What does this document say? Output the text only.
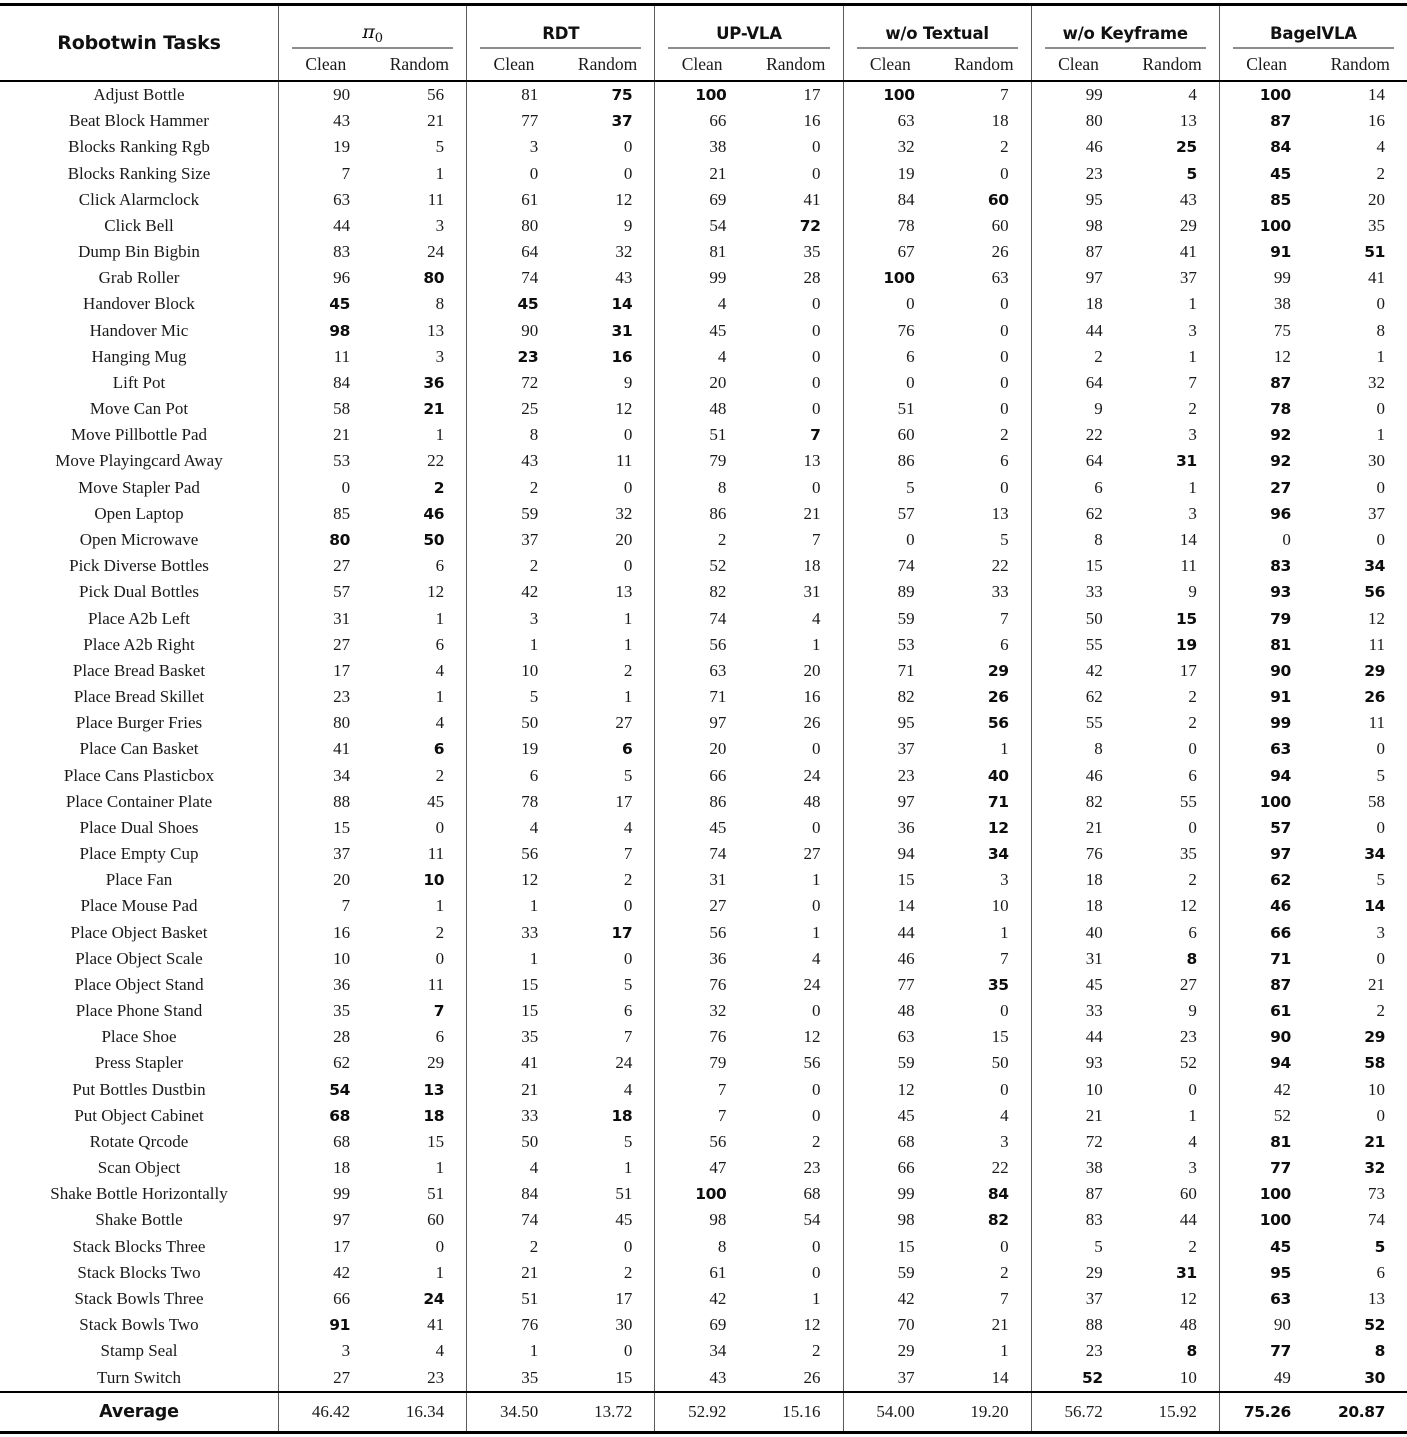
Robotwin Tasks	$\pi_0$
Clean	Random
RDT
Clean	Random
UP-VLA
Clean	Random
w/o Textual
Clean	Random
w/o Keyframe
Clean	Random
BagelVLA
Clean	Random
Adjust Bottle	90	56	81	75	100	17	100	7	99	4	100	14
Beat Block Hammer	43	21	77	37	66	16	63	18	80	13	87	16
Blocks Ranking Rgb	19	5	3	0	38	0	32	2	46	25	84	4
Blocks Ranking Size	7	1	0	0	21	0	19	0	23	5	45	2
Click Alarmclock	63	11	61	12	69	41	84	60	95	43	85	20
Click Bell	44	3	80	9	54	72	78	60	98	29	100	35
Dump Bin Bigbin	83	24	64	32	81	35	67	26	87	41	91	51
Grab Roller	96	80	74	43	99	28	100	63	97	37	99	41
Handover Block	45	8	45	14	4	0	0	0	18	1	38	0
Handover Mic	98	13	90	31	45	0	76	0	44	3	75	8
Hanging Mug	11	3	23	16	4	0	6	0	2	1	12	1
Lift Pot	84	36	72	9	20	0	0	0	64	7	87	32
Move Can Pot	58	21	25	12	48	0	51	0	9	2	78	0
Move Pillbottle Pad	21	1	8	0	51	7	60	2	22	3	92	1
Move Playingcard Away	53	22	43	11	79	13	86	6	64	31	92	30
Move Stapler Pad	0	2	2	0	8	0	5	0	6	1	27	0
Open Laptop	85	46	59	32	86	21	57	13	62	3	96	37
Open Microwave	80	50	37	20	2	7	0	5	8	14	0	0
Pick Diverse Bottles	27	6	2	0	52	18	74	22	15	11	83	34
Pick Dual Bottles	57	12	42	13	82	31	89	33	33	9	93	56
Place A2b Left	31	1	3	1	74	4	59	7	50	15	79	12
Place A2b Right	27	6	1	1	56	1	53	6	55	19	81	11
Place Bread Basket	17	4	10	2	63	20	71	29	42	17	90	29
Place Bread Skillet	23	1	5	1	71	16	82	26	62	2	91	26
Place Burger Fries	80	4	50	27	97	26	95	56	55	2	99	11
Place Can Basket	41	6	19	6	20	0	37	1	8	0	63	0
Place Cans Plasticbox	34	2	6	5	66	24	23	40	46	6	94	5
Place Container Plate	88	45	78	17	86	48	97	71	82	55	100	58
Place Dual Shoes	15	0	4	4	45	0	36	12	21	0	57	0
Place Empty Cup	37	11	56	7	74	27	94	34	76	35	97	34
Place Fan	20	10	12	2	31	1	15	3	18	2	62	5
Place Mouse Pad	7	1	1	0	27	0	14	10	18	12	46	14
Place Object Basket	16	2	33	17	56	1	44	1	40	6	66	3
Place Object Scale	10	0	1	0	36	4	46	7	31	8	71	0
Place Object Stand	36	11	15	5	76	24	77	35	45	27	87	21
Place Phone Stand	35	7	15	6	32	0	48	0	33	9	61	2
Place Shoe	28	6	35	7	76	12	63	15	44	23	90	29
Press Stapler	62	29	41	24	79	56	59	50	93	52	94	58
Put Bottles Dustbin	54	13	21	4	7	0	12	0	10	0	42	10
Put Object Cabinet	68	18	33	18	7	0	45	4	21	1	52	0
Rotate Qrcode	68	15	50	5	56	2	68	3	72	4	81	21
Scan Object	18	1	4	1	47	23	66	22	38	3	77	32
Shake Bottle Horizontally	99	51	84	51	100	68	99	84	87	60	100	73
Shake Bottle	97	60	74	45	98	54	98	82	83	44	100	74
Stack Blocks Three	17	0	2	0	8	0	15	0	5	2	45	5
Stack Blocks Two	42	1	21	2	61	0	59	2	29	31	95	6
Stack Bowls Three	66	24	51	17	42	1	42	7	37	12	63	13
Stack Bowls Two	91	41	76	30	69	12	70	21	88	48	90	52
Stamp Seal	3	4	1	0	34	2	29	1	23	8	77	8
Turn Switch	27	23	35	15	43	26	37	14	52	10	49	30
Average	46.42	16.34	34.50	13.72	52.92	15.16	54.00	19.20	56.72	15.92	75.26	20.87
